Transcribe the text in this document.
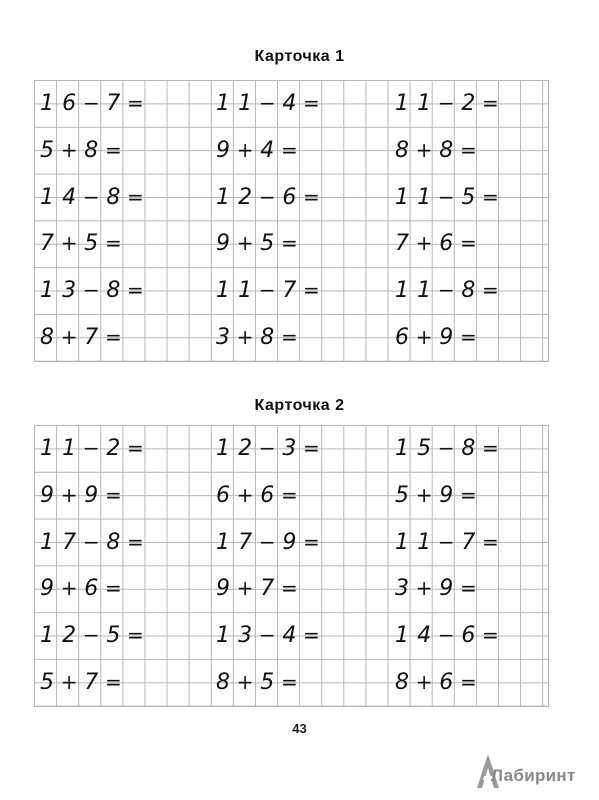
Карточка 1
1 6 − 7 =	1 1 − 4 =	1 1 − 2 =
5 + 8 =	9 + 4 =	8 + 8 =
1 4 − 8 =	1 2 − 6 =	1 1 − 5 =
7 + 5 =	9 + 5 =	7 + 6 =
1 3 − 8 =	1 1 − 7 =	1 1 − 8 =
8 + 7 =	3 + 8 =	6 + 9 =
Карточка 2
1 1 − 2 =	1 2 − 3 =	1 5 − 8 =
9 + 9 =	6 + 6 =	5 + 9 =
1 7 − 8 =	1 7 − 9 =	1 1 − 7 =
9 + 6 =	9 + 7 =	3 + 9 =
1 2 − 5 =	1 3 − 4 =	1 4 − 6 =
5 + 7 =	8 + 5 =	8 + 6 =
43
Лабиринт
